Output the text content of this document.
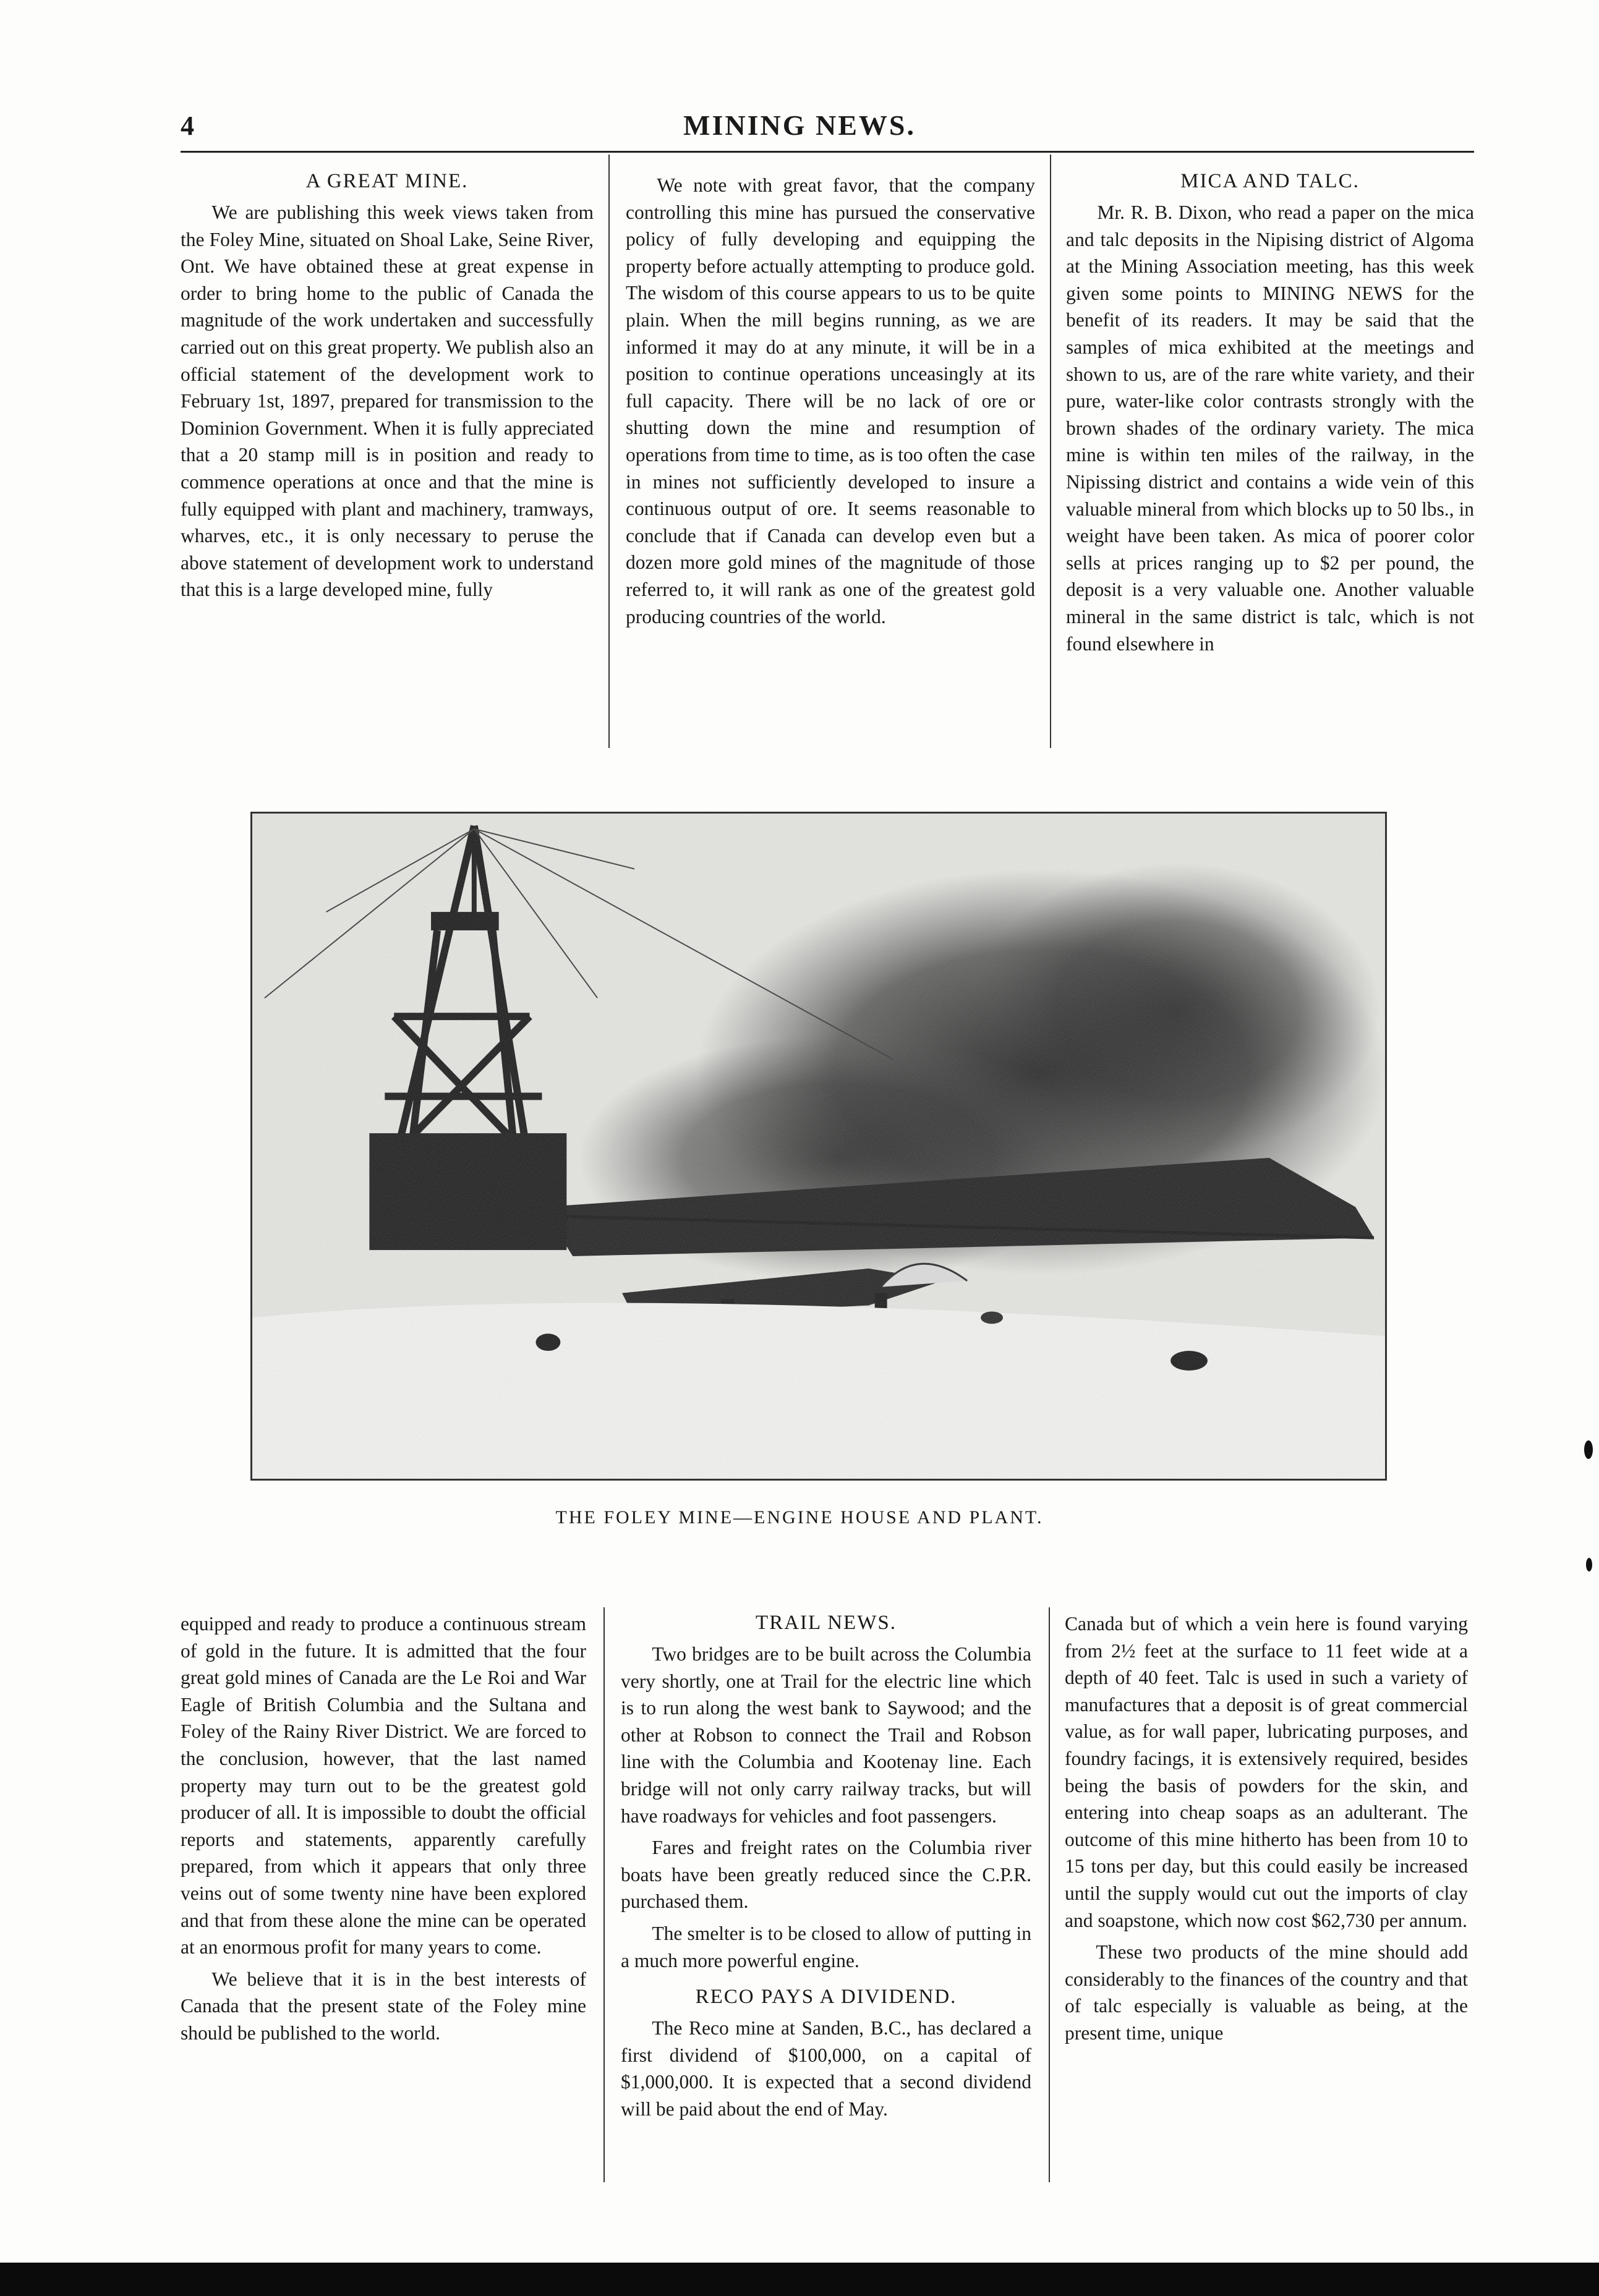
4	MINING NEWS.
A GREAT MINE.

We are publishing this week views taken from the Foley Mine, situated on Shoal Lake, Seine River, Ont. We have obtained these at great expense in order to bring home to the public of Canada the magnitude of the work undertaken and successfully carried out on this great property. We publish also an official statement of the development work to February 1st, 1897, prepared for transmission to the Dominion Government. When it is fully appreciated that a 20 stamp mill is in position and ready to commence operations at once and that the mine is fully equipped with plant and machinery, tramways, wharves, etc., it is only necessary to peruse the above statement of development work to understand that this is a large developed mine, fully

We note with great favor, that the company controlling this mine has pursued the conservative policy of fully developing and equipping the property before actually attempting to produce gold. The wisdom of this course appears to us to be quite plain. When the mill begins running, as we are informed it may do at any minute, it will be in a position to continue operations unceasingly at its full capacity. There will be no lack of ore or shutting down the mine and resumption of operations from time to time, as is too often the case in mines not sufficiently developed to insure a continuous output of ore. It seems reasonable to conclude that if Canada can develop even but a dozen more gold mines of the magnitude of those referred to, it will rank as one of the greatest gold producing countries of the world.

MICA AND TALC.

Mr. R. B. Dixon, who read a paper on the mica and talc deposits in the Nipising district of Algoma at the Mining Association meeting, has this week given some points to MINING NEWS for the benefit of its readers. It may be said that the samples of mica exhibited at the meetings and shown to us, are of the rare white variety, and their pure, water-like color contrasts strongly with the brown shades of the ordinary variety. The mica mine is within ten miles of the railway, in the Nipissing district and contains a wide vein of this valuable mineral from which blocks up to 50 lbs., in weight have been taken. As mica of poorer color sells at prices ranging up to $2 per pound, the deposit is a very valuable one. Another valuable mineral in the same district is talc, which is not found elsewhere in

THE FOLEY MINE—ENGINE HOUSE AND PLANT.

equipped and ready to produce a continuous stream of gold in the future. It is admitted that the four great gold mines of Canada are the Le Roi and War Eagle of British Columbia and the Sultana and Foley of the Rainy River District. We are forced to the conclusion, however, that the last named property may turn out to be the greatest gold producer of all. It is impossible to doubt the official reports and statements, apparently carefully prepared, from which it appears that only three veins out of some twenty nine have been explored and that from these alone the mine can be operated at an enormous profit for many years to come.

We believe that it is in the best interests of Canada that the present state of the Foley mine should be published to the world.

TRAIL NEWS.

Two bridges are to be built across the Columbia very shortly, one at Trail for the electric line which is to run along the west bank to Saywood; and the other at Robson to connect the Trail and Robson line with the Columbia and Kootenay line. Each bridge will not only carry railway tracks, but will have roadways for vehicles and foot passengers.

Fares and freight rates on the Columbia river boats have been greatly reduced since the C.P.R. purchased them.

The smelter is to be closed to allow of putting in a much more powerful engine.

RECO PAYS A DIVIDEND.

The Reco mine at Sanden, B.C., has declared a first dividend of $100,000, on a capital of $1,000,000. It is expected that a second dividend will be paid about the end of May.

Canada but of which a vein here is found varying from 2½ feet at the surface to 11 feet wide at a depth of 40 feet. Talc is used in such a variety of manufactures that a deposit is of great commercial value, as for wall paper, lubricating purposes, and foundry facings, it is extensively required, besides being the basis of powders for the skin, and entering into cheap soaps as an adulterant. The outcome of this mine hitherto has been from 10 to 15 tons per day, but this could easily be increased until the supply would cut out the imports of clay and soapstone, which now cost $62,730 per annum.

These two products of the mine should add considerably to the finances of the country and that of talc especially is valuable as being, at the present time, unique
